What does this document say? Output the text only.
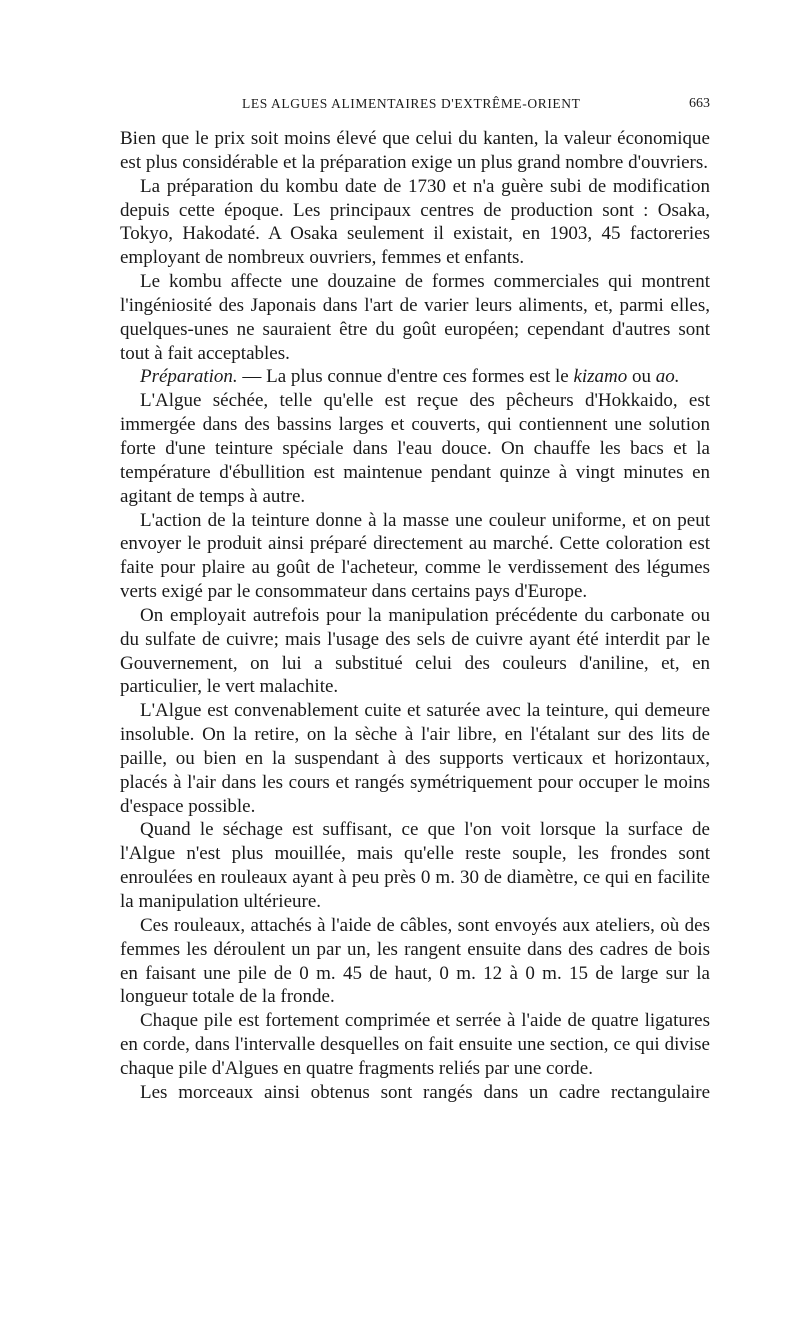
LES ALGUES ALIMENTAIRES D'EXTRÊME-ORIENT	663

Bien que le prix soit moins élevé que celui du kanten, la valeur économique est plus considérable et la préparation exige un plus grand nombre d'ouvriers.

La préparation du kombu date de 1730 et n'a guère subi de modification depuis cette époque. Les principaux centres de production sont : Osaka, Tokyo, Hakodaté. A Osaka seulement il existait, en 1903, 45 factoreries employant de nombreux ouvriers, femmes et enfants.

Le kombu affecte une douzaine de formes commerciales qui montrent l'ingéniosité des Japonais dans l'art de varier leurs aliments, et, parmi elles, quelques-unes ne sauraient être du goût européen; cependant d'autres sont tout à fait acceptables.

Préparation. — La plus connue d'entre ces formes est le kizamo ou ao.

L'Algue séchée, telle qu'elle est reçue des pêcheurs d'Hokkaido, est immergée dans des bassins larges et couverts, qui contiennent une solution forte d'une teinture spéciale dans l'eau douce. On chauffe les bacs et la température d'ébullition est maintenue pendant quinze à vingt minutes en agitant de temps à autre.

L'action de la teinture donne à la masse une couleur uniforme, et on peut envoyer le produit ainsi préparé directement au marché. Cette coloration est faite pour plaire au goût de l'acheteur, comme le verdissement des légumes verts exigé par le consommateur dans certains pays d'Europe.

On employait autrefois pour la manipulation précédente du carbonate ou du sulfate de cuivre; mais l'usage des sels de cuivre ayant été interdit par le Gouvernement, on lui a substitué celui des couleurs d'aniline, et, en particulier, le vert malachite.

L'Algue est convenablement cuite et saturée avec la teinture, qui demeure insoluble. On la retire, on la sèche à l'air libre, en l'étalant sur des lits de paille, ou bien en la suspendant à des supports verticaux et horizontaux, placés à l'air dans les cours et rangés symétriquement pour occuper le moins d'espace possible.

Quand le séchage est suffisant, ce que l'on voit lorsque la surface de l'Algue n'est plus mouillée, mais qu'elle reste souple, les frondes sont enroulées en rouleaux ayant à peu près 0 m. 30 de diamètre, ce qui en facilite la manipulation ultérieure.

Ces rouleaux, attachés à l'aide de câbles, sont envoyés aux ateliers, où des femmes les déroulent un par un, les rangent ensuite dans des cadres de bois en faisant une pile de 0 m. 45 de haut, 0 m. 12 à 0 m. 15 de large sur la longueur totale de la fronde.

Chaque pile est fortement comprimée et serrée à l'aide de quatre ligatures en corde, dans l'intervalle desquelles on fait ensuite une section, ce qui divise chaque pile d'Algues en quatre fragments reliés par une corde.

Les morceaux ainsi obtenus sont rangés dans un cadre rectangulaire
